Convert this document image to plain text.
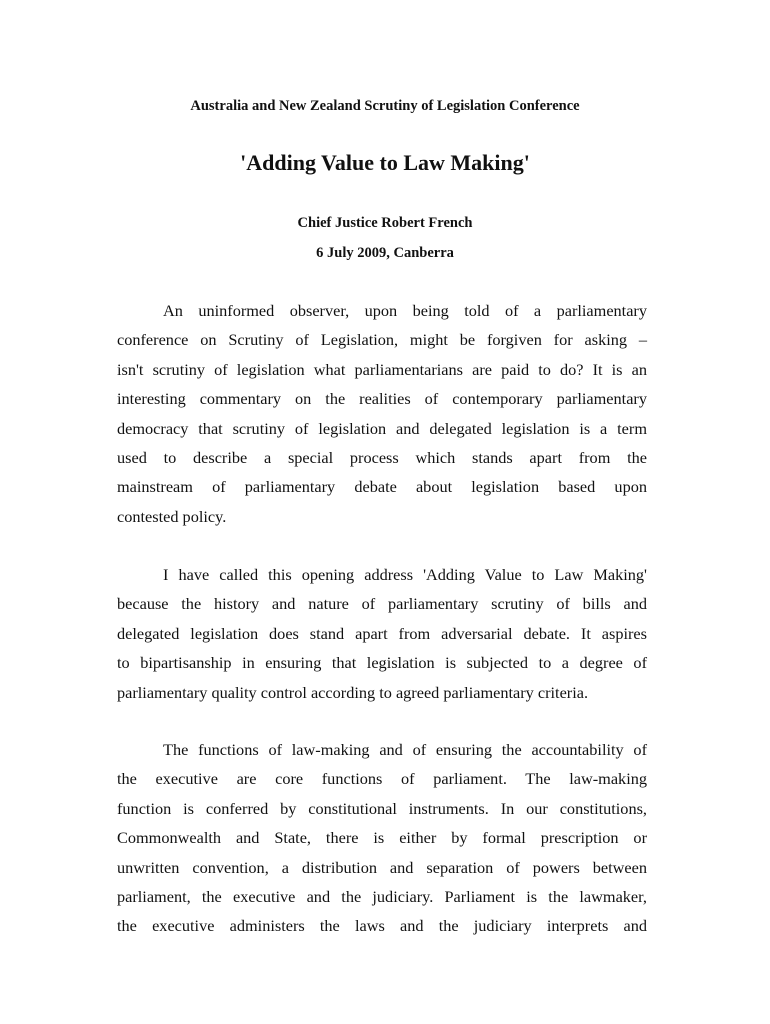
Australia and New Zealand Scrutiny of Legislation Conference
'Adding Value to Law Making'
Chief Justice Robert French
6 July 2009, Canberra
An uninformed observer, upon being told of a parliamentary
conference on Scrutiny of Legislation, might be forgiven for asking –
isn't scrutiny of legislation what parliamentarians are paid to do? It is an
interesting commentary on the realities of contemporary parliamentary
democracy that scrutiny of legislation and delegated legislation is a term
used to describe a special process which stands apart from the
mainstream of parliamentary debate about legislation based upon
contested policy.
I have called this opening address 'Adding Value to Law Making'
because the history and nature of parliamentary scrutiny of bills and
delegated legislation does stand apart from adversarial debate. It aspires
to bipartisanship in ensuring that legislation is subjected to a degree of
parliamentary quality control according to agreed parliamentary criteria.
The functions of law-making and of ensuring the accountability of
the executive are core functions of parliament. The law-making
function is conferred by constitutional instruments. In our constitutions,
Commonwealth and State, there is either by formal prescription or
unwritten convention, a distribution and separation of powers between
parliament, the executive and the judiciary. Parliament is the lawmaker,
the executive administers the laws and the judiciary interprets and
